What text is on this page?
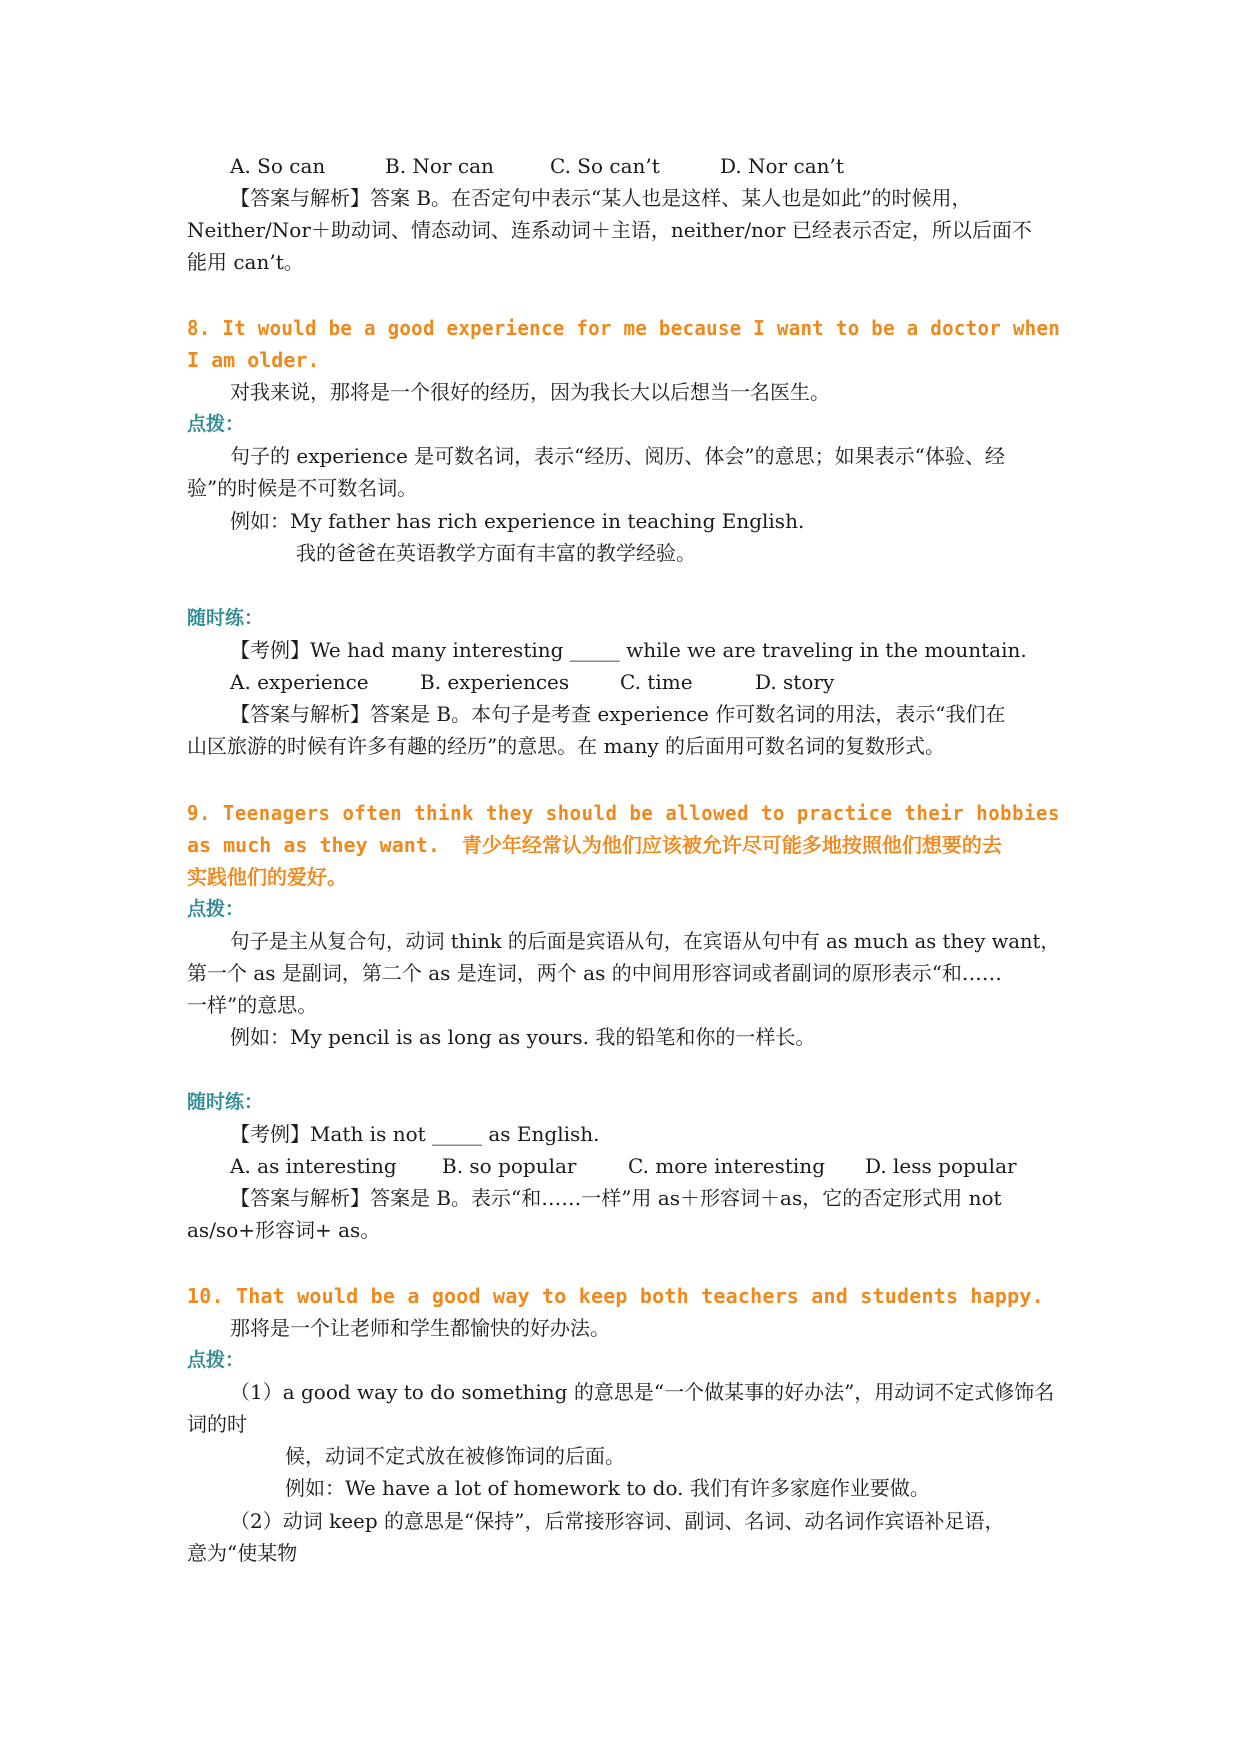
A. So can	B. Nor can	C. So can’t	D. Nor can’t
【答案与解析】答案 B。在否定句中表示“某人也是这样、某人也是如此”的时候用，
Neither/Nor＋助动词、情态动词、连系动词＋主语，neither/nor 已经表示否定，所以后面不
能用 can’t。
8. It would be a good experience for me because I want to be a doctor when
I am older.
对我来说，那将是一个很好的经历，因为我长大以后想当一名医生。
点拨：
句子的 experience 是可数名词，表示“经历、阅历、体会”的意思；如果表示“体验、经
验”的时候是不可数名词。
例如：My father has rich experience in teaching English.
我的爸爸在英语教学方面有丰富的教学经验。
随时练：
【考例】We had many interesting _____ while we are traveling in the mountain.
A. experience	B. experiences	C. time	D. story
【答案与解析】答案是 B。本句子是考查 experience 作可数名词的用法，表示“我们在
山区旅游的时候有许多有趣的经历”的意思。在 many 的后面用可数名词的复数形式。
9. Teenagers often think they should be allowed to practice their hobbies
as much as they want. 青少年经常认为他们应该被允许尽可能多地按照他们想要的去
实践他们的爱好。
点拨：
句子是主从复合句，动词 think 的后面是宾语从句，在宾语从句中有 as much as they want，
第一个 as 是副词，第二个 as 是连词，两个 as 的中间用形容词或者副词的原形表示“和……
一样”的意思。
例如：My pencil is as long as yours. 我的铅笔和你的一样长。
随时练：
【考例】Math is not _____ as English.
A. as interesting B. so popular	C. more interesting D. less popular
【答案与解析】答案是 B。表示“和……一样”用 as＋形容词＋as，它的否定形式用 not
as/so+形容词+ as。
10. That would be a good way to keep both teachers and students happy.
那将是一个让老师和学生都愉快的好办法。
点拨：
（1）a good way to do something 的意思是“一个做某事的好办法”，用动词不定式修饰名
词的时
候，动词不定式放在被修饰词的后面。
例如：We have a lot of homework to do. 我们有许多家庭作业要做。
（2）动词 keep 的意思是“保持”，后常接形容词、副词、名词、动名词作宾语补足语，
意为“使某物
